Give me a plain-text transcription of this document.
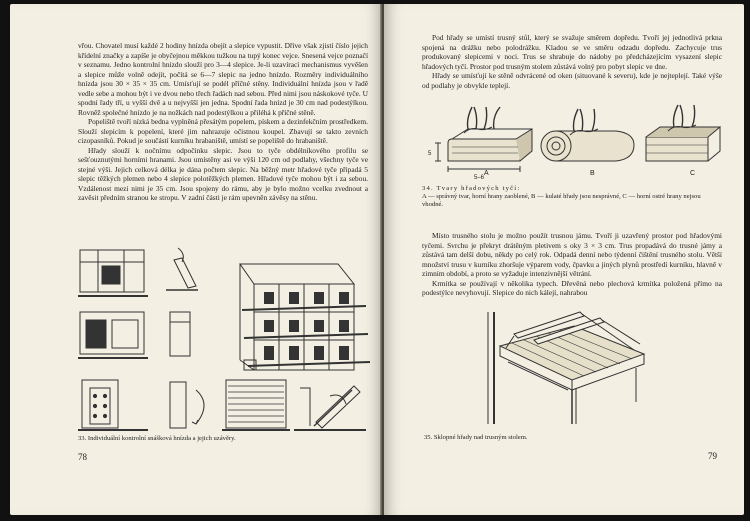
vřou. Chovatel musí každé 2 hodiny hnízda obejít a slepice vypustit. Dříve však zjistí číslo jejich křídelní značky a zapíše je obyčejnou měkkou tužkou na tupý konec vejce. Snesená vejce poznačí v seznamu. Jedno kontrolní hnízdo slouží pro 3—4 slepice. Je-li uzavírací mechanismus vyvěšen a slepice může volně odejít, počítá se 6—7 slepic na jedno hnízdo. Rozměry individuálního hnízda jsou 30 × 35 × 35 cm. Umísťují se podél příčné stěny. Individuální hnízda jsou v řadě vedle sebe a mohou být i ve dvou nebo třech řadách nad sebou. Před nimi jsou náskokové tyče. U spodní řady tří, u vyšší dvě a u nejvyšší jen jedna. Spodní řada hnízd je 30 cm nad podestýlkou. Rovněž společné hnízdo je na nožkách nad podestýlkou a přiléhá k příčné stěně.

Popeliště tvoří nízká bedna vyplněná přesátým popelem, pískem a dezinfekčním prostředkem. Slouží slepicím k popelení, které jim nahrazuje očistnou koupel. Zbavují se takto zevních cizopasníků. Pokud je součástí kurníku hrabaniště, umístí se popeliště do hrabaniště.

Hřady slouží k nočnímu odpočinku slepic. Jsou to tyče obdélníkového profilu se sešťouznutými horními hranami. Jsou umístěny asi ve výši 120 cm od podlahy, všechny tyče ve stejné výši. Jejich celková délka je dána počtem slepic. Na běžný metr hřadové tyče připadá 5 slepic těžkých plemen nebo 4 slepice polotěžkých plemen. Hřadové tyče mohou být i za sebou. Vzdálenost mezi nimi je 35 cm. Jsou spojeny do rámu, aby je bylo možno vcelku zvednout a zavěsit předním stranou ke stropu. V zadní části je rám upevněn závěsy na stěnu.

33. Individuální kontrolní snášková hnízda a jejich uzávěry.
78

Pod hřady se umístí trusný stůl, který se svažuje směrem dopředu. Tvoří jej jednotlivá prkna spojená na drážku nebo polodrážku. Kladou se ve směru odzadu dopředu. Zachycuje trus produkovaný slepicemi v noci. Trus se shrabuje do nádoby po předcházejícím vysazení slepic hřadových tyčí. Prostor pod trusným stolem zůstává volný pro pobyt slepic ve dne.

Hřady se umísťují ke stěně odvrácené od oken (situované k severu), kde je nejteplejí. Také výše od podlahy je obvykle teplejí.

A	B	C
5
5–6
34. Tvary hřadových tyčí:
A — správný tvar, horní hrany zaoblené, B — kulaté hřady jsou nesprávné, C — horní ostré hrany nejsou vhodné.

Místo trusného stolu je možno použít trusnou jámu. Tvoří ji uzavřený prostor pod hřadovými tyčemi. Svrchu je překryt drátěným pletivem s oky 3 × 3 cm. Trus propadává do trusné jámy a zůstává tam delší dobu, někdy po celý rok. Odpadá denní nebo týdenní čištění trusného stolu. Větší množství trusu v kurníku zhoršuje výparem vody, čpavku a jiných plynů prostředí kurníku, hlavně v zimním období, a proto se vyžaduje intenzivnější větrání.

Krmítka se používají v několika typech. Dřevěná nebo plechová krmítka položená přímo na podestýlce nevyhovují. Slepice do nich kálejí, nahrabou

35. Sklopné hřady nad trusným stolem.
79
